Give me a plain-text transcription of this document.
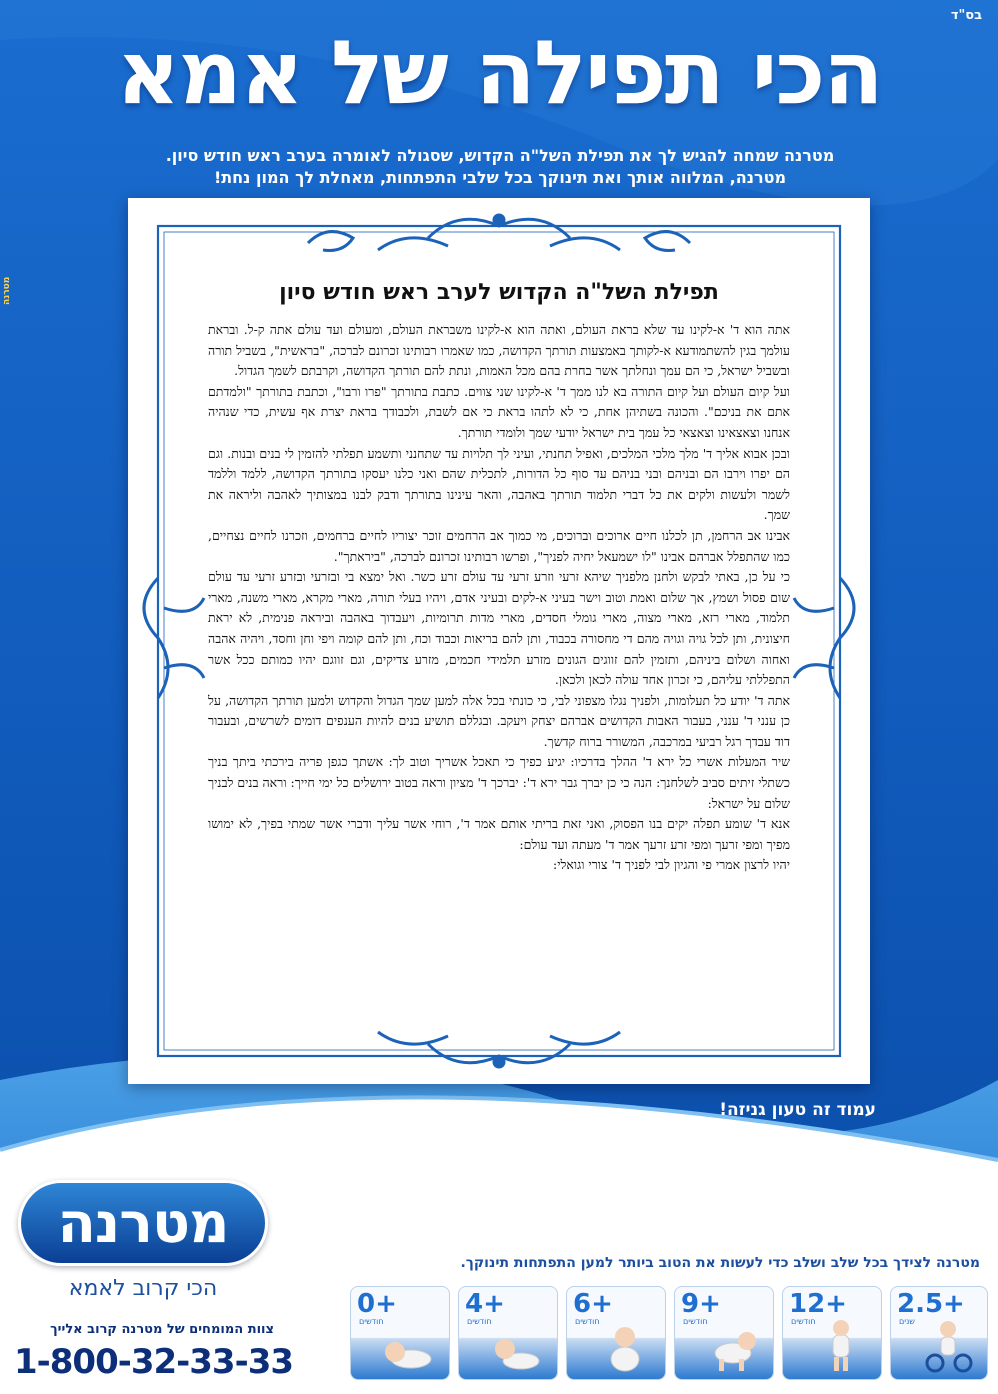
בס"ד
מטרנה
הכי תפילה של אמא
מטרנה שמחה להגיש לך את תפילת השל"ה הקדוש, שסגולה לאומרה בערב ראש חודש סיון.
מטרנה, המלווה אותך ואת תינוקך בכל שלבי התפתחות, מאחלת לך המון נחת!
תפילת השל"ה הקדוש לערב ראש חודש סיון

אתה הוא ד' א-לקינו עד שלא בראת העולם, ואתה הוא א-לקינו משבראת העולם, ומעולם ועד עולם אתה ק-ל. ובראת עולמך בגין להשתמודעא א-לקותך באמצעות תורתך הקדושה, כמו שאמרו רבותינו זכרונם לברכה, "בראשית", בשביל תורה ובשביל ישראל, כי הם עמך ונחלתך אשר בחרת בהם מכל האמות, ונתת להם תורתך הקדושה, וקרבתם לשמך הגדול.

ועל קיום העולם ועל קיום התורה בא לנו ממך ד' א-לקינו שני צווים. כתבת בתורתך "פרו ורבו", וכתבת בתורתך "ולמדתם אתם את בניכם". והכונה בשתיהן אחת, כי לא לתהו בראת כי אם לשבת, ולכבודך בראת יצרת אף עשית, כדי שנהיה אנחנו וצאצאינו וצאצאי כל עמך בית ישראל יודעי שמך ולומדי תורתך.

ובכן אבוא אליך ד' מלך מלכי המלכים, ואפיל תחנתי, ועיני לך תלויות עד שתחנני ותשמע תפלתי להזמין לי בנים ובנות. וגם הם יפרו וירבו הם ובניהם ובני בניהם עד סוף כל הדורות, לתכלית שהם ואני כלנו יעסקו בתורתך הקדושה, ללמד וללמד לשמר ולעשות ולקים את כל דברי תלמוד תורתך באהבה, והאר עינינו בתורתך ודבק לבנו במצותיך לאהבה וליראה את שמך.

אבינו אב הרחמן, תן לכלנו חיים ארוכים וברוכים, מי כמוך אב הרחמים זוכר יצוריו לחיים ברחמים, וזכרנו לחיים נצחיים, כמו שהתפלל אברהם אבינו "לו ישמעאל יחיה לפניך", ופרשו רבותינו זכרונם לברכה, "ביראתך".

כי על כן, באתי לבקש ולחנן מלפניך שיהא זרעי וזרע זרעי עד עולם זרע כשר. ואל ימצא בי ובזרעי ובזרע זרעי עד עולם שום פסול ושמץ, אך שלום ואמת וטוב וישר בעיני א-לקים ובעיני אדם, ויהיו בעלי תורה, מארי מקרא, מארי משנה, מארי תלמוד, מארי רזא, מארי מצוה, מארי גומלי חסדים, מארי מדות תרומיות, ויעבדוך באהבה וביראה פנימית, לא יראת חיצונית, ותן לכל גויה וגויה מהם די מחסורה בכבוד, ותן להם בריאות וכבוד וכח, ותן להם קומה ויפי וחן וחסד, ויהיה אהבה ואחוה ושלום ביניהם, ותזמין להם זווגים הגונים מזרע תלמידי חכמים, מזרע צדיקים, וגם זווגם יהיו כמותם ככל אשר התפללתי עליהם, כי זכרון אחד עולה לכאן ולכאן.

אתה ד' יודע כל תעלומות, ולפניך נגלו מצפוני לבי, כי כונתי בכל אלה למען שמך הגדול והקדוש ולמען תורתך הקדושה, על כן ענני ד' ענני, בעבור האבות הקדושים אברהם יצחק ויעקב. ובגללם תושיע בנים להיות הענפים דומים לשרשים, ובעבור דוד עבדך רגל רביעי במרכבה, המשורר ברוח קדשך.

שיר המעלות אשרי כל ירא ד' ההלך בדרכיו: יגיע כפיך כי תאכל אשריך וטוב לך: אשתך כגפן פריה בירכתי ביתך בניך כשתלי זיתים סביב לשלחנך: הנה כי כן יברך גבר ירא ד': יברכך ד' מציון וראה בטוב ירושלים כל ימי חייך: וראה בנים לבניך שלום על ישראל:

אנא ד' שומע תפלה יקים בנו הפסוק, ואני זאת בריתי אותם אמר ד', רוחי אשר עליך ודברי אשר שמתי בפיך, לא ימושו מפיך ומפי זרעך ומפי זרע זרעך אמר ד' מעתה ועד עולם:

יהיו לרצון אמרי פי והגיון לבי לפניך ד' צורי וגואלי:

עמוד זה טעון גניזה!
מטרנה
הכי קרוב לאמא
צוות המומחים של מטרנה קרוב אלייך
1-800-32-33-33
מטרנה לצידך בכל שלב ושלב כדי לעשות את הטוב ביותר למען התפתחות תינוקך.
0+
חודשים
4+
חודשים
6+
חודשים
9+
חודשים
12+
חודשים
2.5+
שנים
